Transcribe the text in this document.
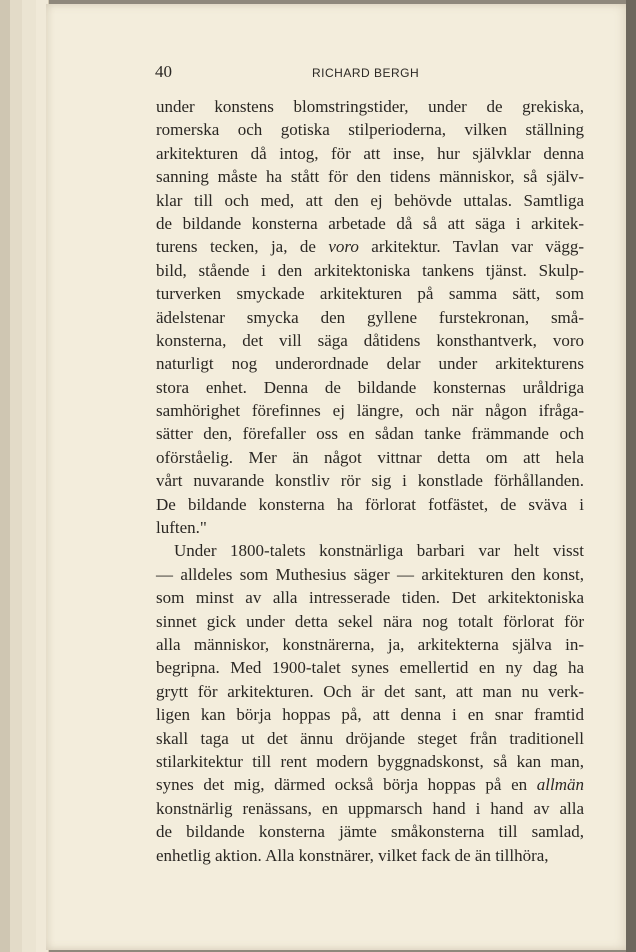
40	RICHARD BERGH
under konstens blomstringstider, under de grekiska,
romerska och gotiska stilperioderna, vilken ställning
arkitekturen då intog, för att inse, hur självklar denna
sanning måste ha stått för den tidens människor, så själv-
klar till och med, att den ej behövde uttalas. Samtliga
de bildande konsterna arbetade då så att säga i arkitek-
turens tecken, ja, de voro arkitektur. Tavlan var vägg-
bild, stående i den arkitektoniska tankens tjänst. Skulp-
turverken smyckade arkitekturen på samma sätt, som
ädelstenar smycka den gyllene furstekronan, små-
konsterna, det vill säga dåtidens konsthantverk, voro
naturligt nog underordnade delar under arkitekturens
stora enhet. Denna de bildande konsternas uråldriga
samhörighet förefinnes ej längre, och när någon ifråga-
sätter den, förefaller oss en sådan tanke främmande och
oförståelig. Mer än något vittnar detta om att hela
vårt nuvarande konstliv rör sig i konstlade förhållanden.
De bildande konsterna ha förlorat fotfästet, de sväva i
luften."
Under 1800-talets konstnärliga barbari var helt visst
— alldeles som Muthesius säger — arkitekturen den konst,
som minst av alla intresserade tiden. Det arkitektoniska
sinnet gick under detta sekel nära nog totalt förlorat för
alla människor, konstnärerna, ja, arkitekterna själva in-
begripna. Med 1900-talet synes emellertid en ny dag ha
grytt för arkitekturen. Och är det sant, att man nu verk-
ligen kan börja hoppas på, att denna i en snar framtid
skall taga ut det ännu dröjande steget från traditionell
stilarkitektur till rent modern byggnadskonst, så kan man,
synes det mig, därmed också börja hoppas på en allmän
konstnärlig renässans, en uppmarsch hand i hand av alla
de bildande konsterna jämte småkonsterna till samlad,
enhetlig aktion. Alla konstnärer, vilket fack de än tillhöra,
